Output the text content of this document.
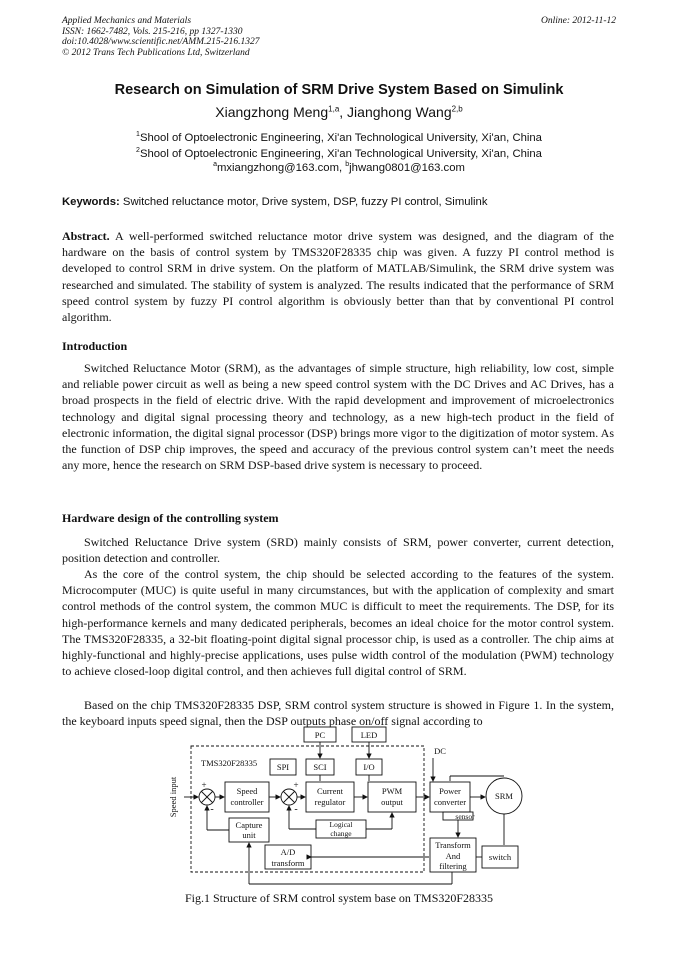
Applied Mechanics and Materials
ISSN: 1662-7482, Vols. 215-216, pp 1327-1330
doi:10.4028/www.scientific.net/AMM.215-216.1327
© 2012 Trans Tech Publications Ltd, Switzerland
Online: 2012-11-12
Research on Simulation of SRM Drive System Based on Simulink
Xiangzhong Meng$^{1,a}$, Jianghong Wang$^{2,b}$
$^1$Shool of Optoelectronic Engineering, Xi'an Technological University, Xi'an, China
$^2$Shool of Optoelectronic Engineering, Xi'an Technological University, Xi'an, China
$^a$mxiangzhong@163.com, $^b$jhwang0801@163.com
Keywords: Switched reluctance motor, Drive system, DSP, fuzzy PI control, Simulink

Abstract. A well-performed switched reluctance motor drive system was designed, and the diagram of the hardware on the basis of control system by TMS320F28335 chip was given. A fuzzy PI control method is developed to control SRM in drive system. On the platform of MATLAB/Simulink, the SRM drive system was researched and simulated. The stability of system is analyzed. The results indicated that the performance of SRM speed control system by fuzzy PI control algorithm is obviously better than that by conventional PI control algorithm.

Introduction

Switched Reluctance Motor (SRM), as the advantages of simple structure, high reliability, low cost, simple and reliable power circuit as well as being a new speed control system with the DC Drives and AC Drives, has a broad prospects in the field of electric drive. With the rapid development and improvement of microelectronics technology and digital signal processing theory and technology, as a new high-tech product in the field of electronic information, the digital signal processor (DSP) brings more vigor to the digitization of motor system. As the function of DSP chip improves, the speed and accuracy of the previous control system can’t meet the needs any more, hence the research on SRM DSP-based drive system is necessary to proceed.

Hardware design of the controlling system

Switched Reluctance Drive system (SRD) mainly consists of SRM, power converter, current detection, position detection and controller.

As the core of the control system, the chip should be selected according to the features of the system. Microcomputer (MUC) is quite useful in many circumstances, but with the application of complexity and smart control methods of the control system, the common MUC is difficult to meet the requirements. The DSP, for its high-performance kernels and many dedicated peripherals, becomes an ideal choice for the motor control system. The TMS320F28335, a 32-bit floating-point digital signal processor chip, is used as a controller. The chip aims at highly-functional and highly-precise applications, uses pulse width control of the modulation (PWM) technology to achieve closed-loop digital control, and then achieves full digital control of SRM.

Based on the chip TMS320F28335 DSP, SRM control system structure is showed in Figure 1. In the system, the keyboard inputs speed signal, then the DSP outputs phase on/off signal according to

PC	LED
DC
TMS320F28335 SPI	SCI	I/O
Speed
controller
Current
regulator
PWM
output
Power
converter
SRM
sensor
Capture
unit
Logical
change
A/D
transform
Transform
And
filtering
switch
+
-
+
-
Speed input
Fig.1 Structure of SRM control system base on TMS320F28335
